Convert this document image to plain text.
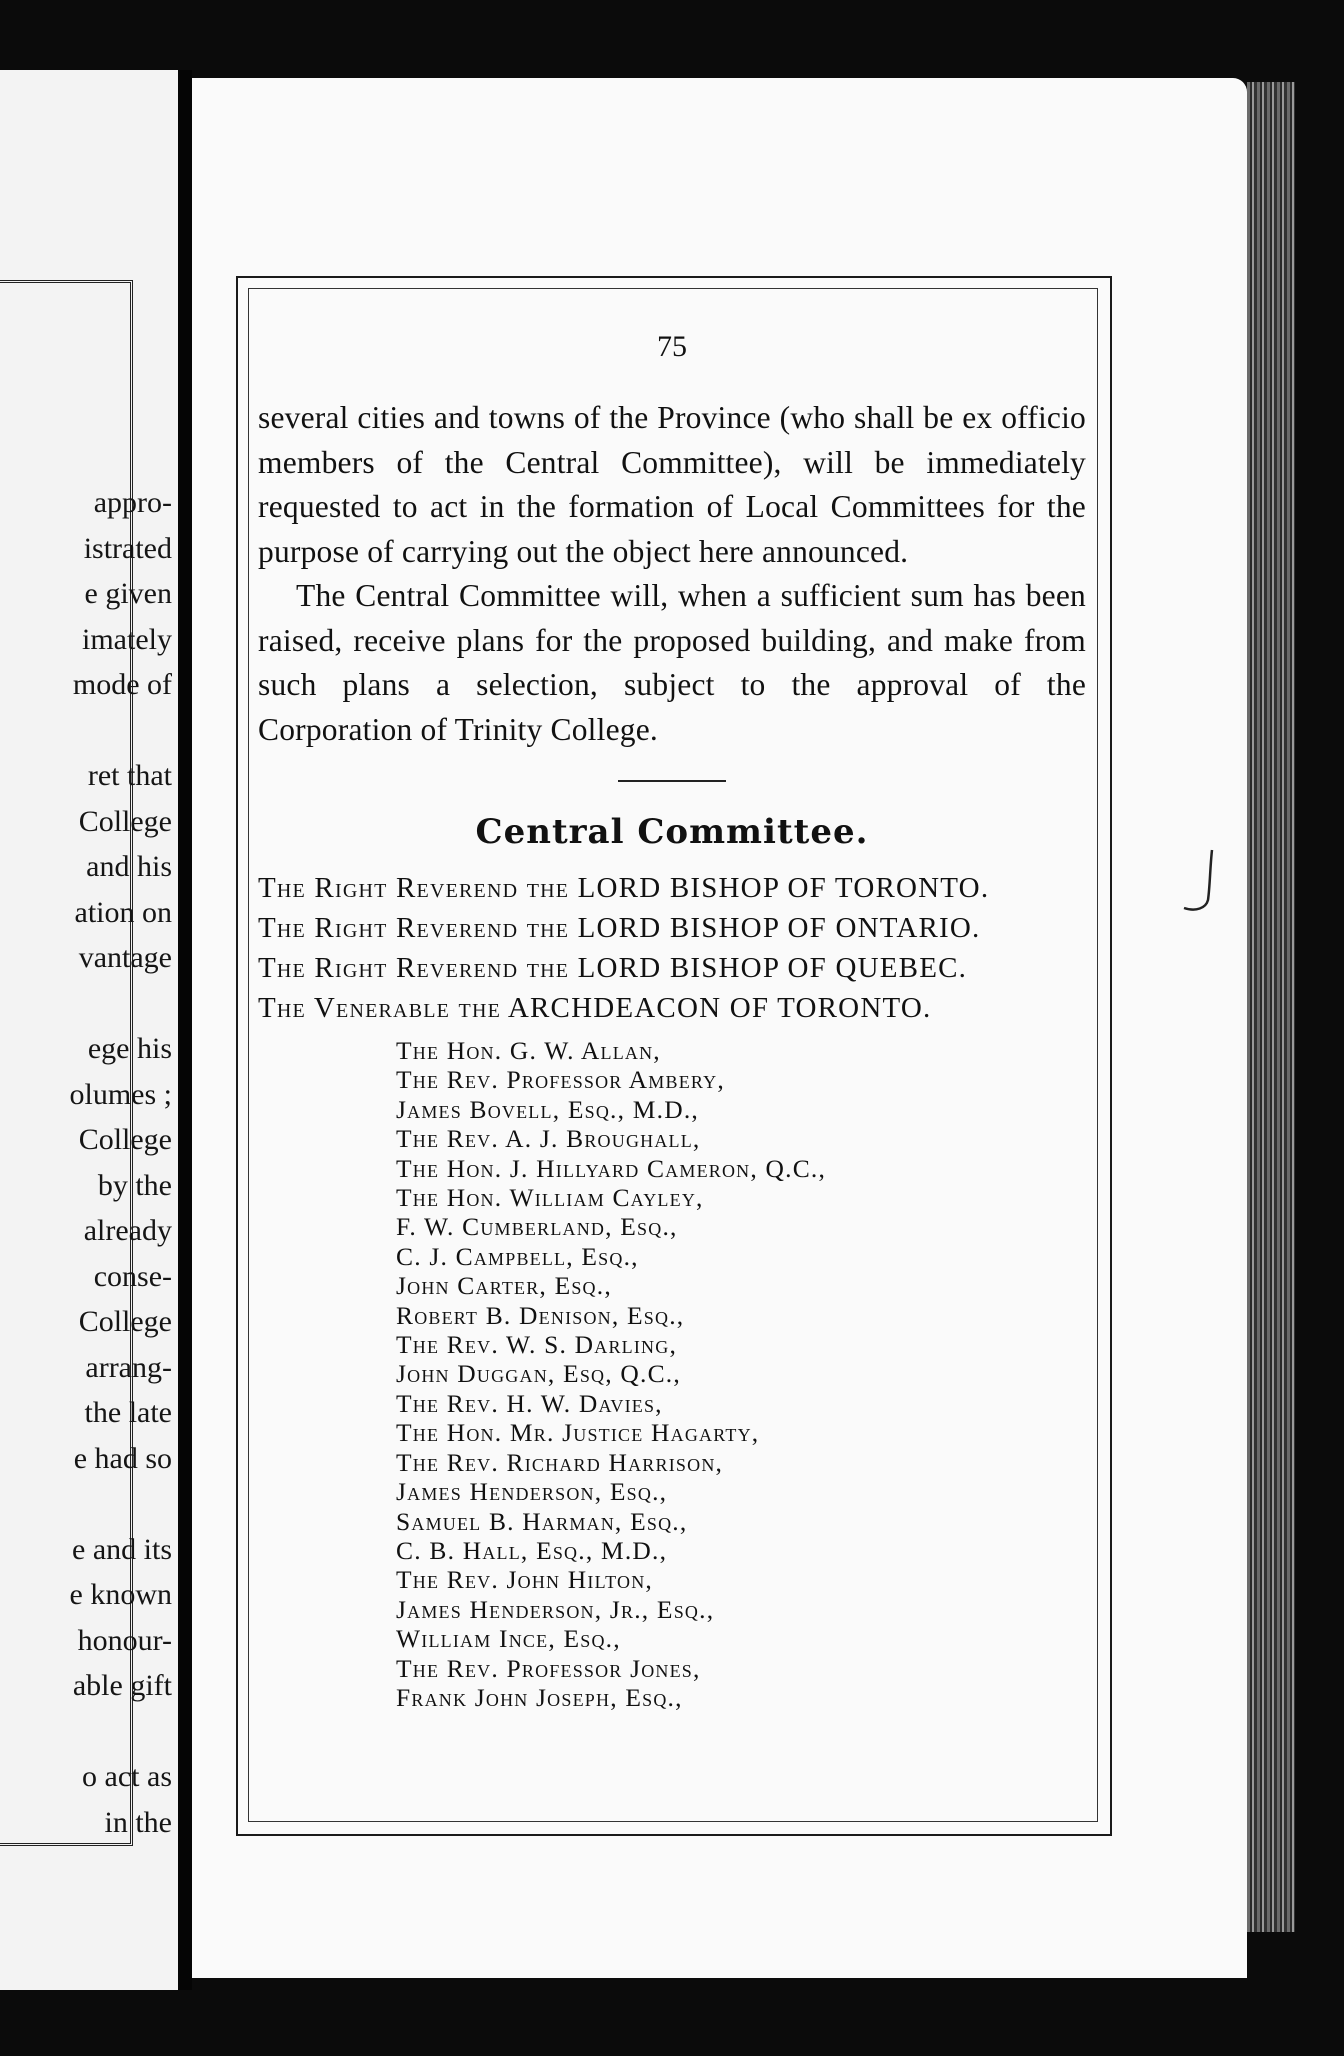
appro-
istrated
e given
imately
mode of
ret that
College
and his
ation on
vantage
ege his
olumes ;
College
by the
already
conse-
College
arrang-
the late
e had so
e and its
e known
honour-
able gift
o act as
in the
75

several cities and towns of the Province (who shall be ex officio members of the Central Committee), will be immediately requested to act in the formation of Local Committees for the purpose of carrying out the object here announced.

The Central Committee will, when a sufficient sum has been raised, receive plans for the proposed building, and make from such plans a selection, subject to the approval of the Corporation of Trinity College.

Central Committee.
The Right Reverend the LORD BISHOP OF TORONTO.
The Right Reverend the LORD BISHOP OF ONTARIO.
The Right Reverend the LORD BISHOP OF QUEBEC.
The Venerable the ARCHDEACON OF TORONTO.
The Hon. G. W. Allan,
The Rev. Professor Ambery,
James Bovell, Esq., M.D.,
The Rev. A. J. Broughall,
The Hon. J. Hillyard Cameron, Q.C.,
The Hon. William Cayley,
F. W. Cumberland, Esq.,
C. J. Campbell, Esq.,
John Carter, Esq.,
Robert B. Denison, Esq.,
The Rev. W. S. Darling,
John Duggan, Esq, Q.C.,
The Rev. H. W. Davies,
The Hon. Mr. Justice Hagarty,
The Rev. Richard Harrison,
James Henderson, Esq.,
Samuel B. Harman, Esq.,
C. B. Hall, Esq., M.D.,
The Rev. John Hilton,
James Henderson, Jr., Esq.,
William Ince, Esq.,
The Rev. Professor Jones,
Frank John Joseph, Esq.,
